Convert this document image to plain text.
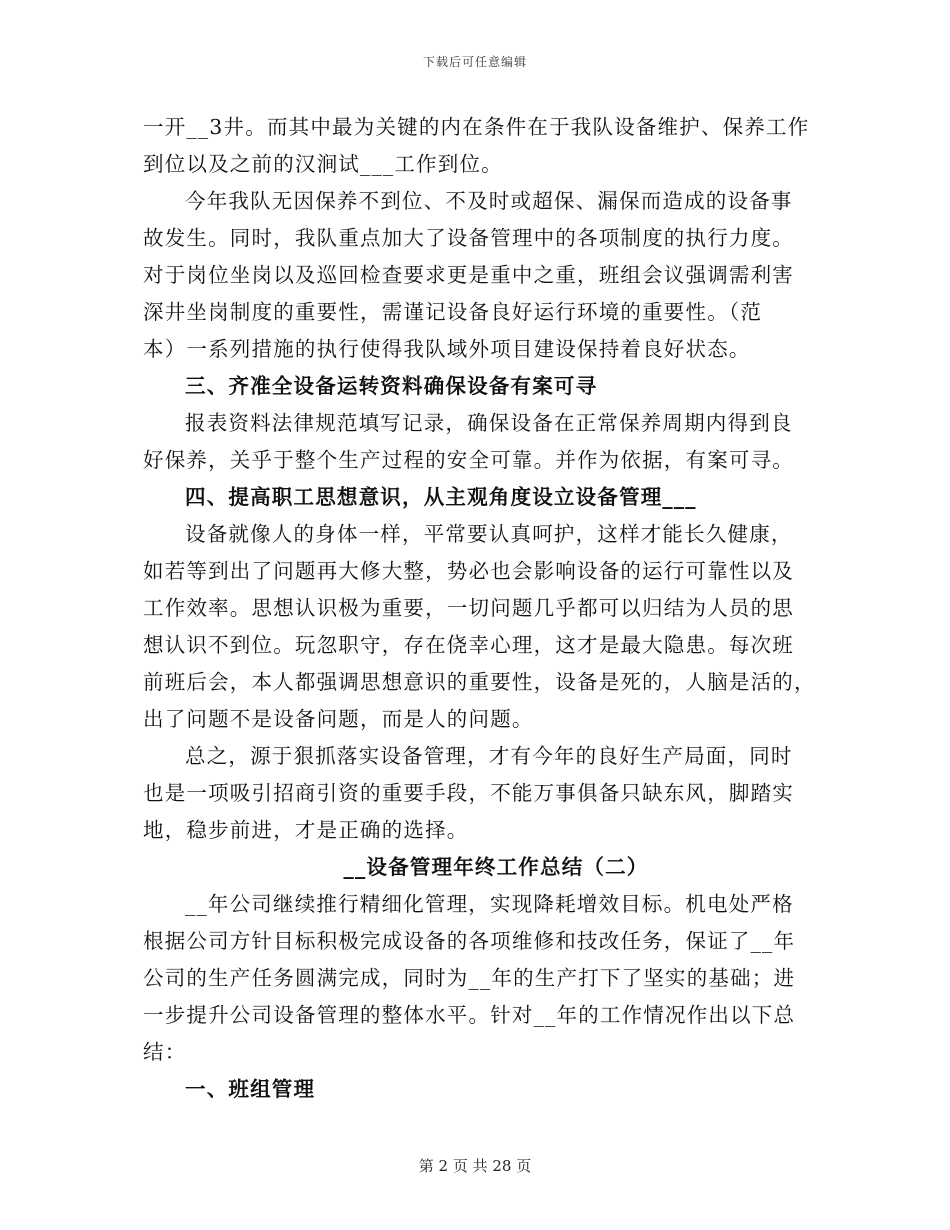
下载后可任意编辑
一开__3井。而其中最为关键的内在条件在于我队设备维护、保养工作
到位以及之前的汉涧试___工作到位。
今年我队无因保养不到位、不及时或超保、漏保而造成的设备事
故发生。同时，我队重点加大了设备管理中的各项制度的执行力度。
对于岗位坐岗以及巡回检查要求更是重中之重，班组会议强调需利害
深井坐岗制度的重要性，需谨记设备良好运行环境的重要性。（范
本）一系列措施的执行使得我队域外项目建设保持着良好状态。
三、齐准全设备运转资料确保设备有案可寻
报表资料法律规范填写记录，确保设备在正常保养周期内得到良
好保养，关乎于整个生产过程的安全可靠。并作为依据，有案可寻。
四、提高职工思想意识，从主观角度设立设备管理___
设备就像人的身体一样，平常要认真呵护，这样才能长久健康，
如若等到出了问题再大修大整，势必也会影响设备的运行可靠性以及
工作效率。思想认识极为重要，一切问题几乎都可以归结为人员的思
想认识不到位。玩忽职守，存在侥幸心理，这才是最大隐患。每次班
前班后会，本人都强调思想意识的重要性，设备是死的，人脑是活的，
出了问题不是设备问题，而是人的问题。
总之，源于狠抓落实设备管理，才有今年的良好生产局面，同时
也是一项吸引招商引资的重要手段，不能万事俱备只缺东风，脚踏实
地，稳步前进，才是正确的选择。
__设备管理年终工作总结（二）
__年公司继续推行精细化管理，实现降耗增效目标。机电处严格
根据公司方针目标积极完成设备的各项维修和技改任务，保证了__年
公司的生产任务圆满完成，同时为__年的生产打下了坚实的基础；进
一步提升公司设备管理的整体水平。针对__年的工作情况作出以下总
结：
一、班组管理
第 2 页 共 28 页
